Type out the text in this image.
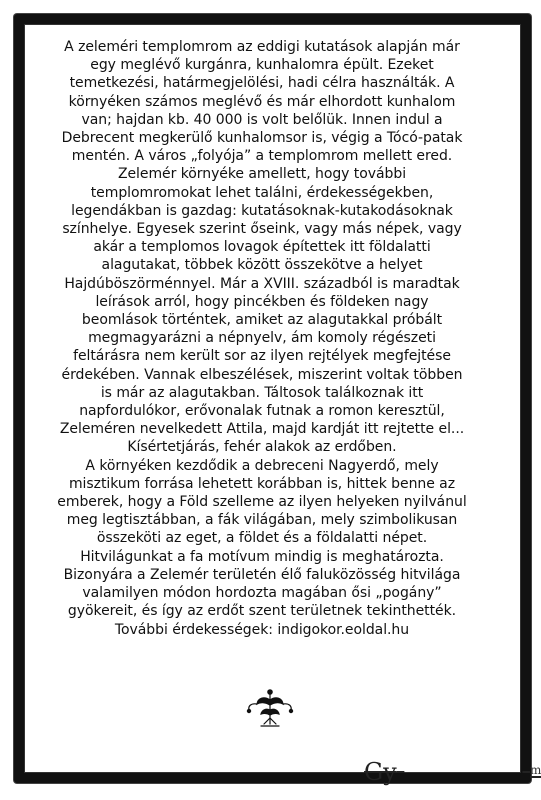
A zeleméri templomrom az eddigi kutatások alapján már
egy meglévő kurgánra, kunhalomra épült. Ezeket
temetkezési, határmegjelölési, hadi célra használták. A
környéken számos meglévő és már elhordott kunhalom
van; hajdan kb. 40 000 is volt belőlük. Innen indul a
Debrecent megkerülő kunhalomsor is, végig a Tócó-patak
mentén. A város „folyója” a templomrom mellett ered.
Zelemér környéke amellett, hogy további
templomromokat lehet találni, érdekességekben,
legendákban is gazdag: kutatásoknak-kutakodásoknak
színhelye. Egyesek szerint őseink, vagy más népek, vagy
akár a templomos lovagok építettek itt földalatti
alagutakat, többek között összekötve a helyet
Hajdúböszörménnyel. Már a XVIII. századból is maradtak
leírások arról, hogy pincékben és földeken nagy
beomlások történtek, amiket az alagutakkal próbált
megmagyarázni a népnyelv, ám komoly régészeti
feltárásra nem került sor az ilyen rejtélyek megfejtése
érdekében. Vannak elbeszélések, miszerint voltak többen
is már az alagutakban. Táltosok találkoznak itt
napfordulókor, erővonalak futnak a romon keresztül,
Zeleméren nevelkedett Attila, majd kardját itt rejtette el...
Kísértetjárás, fehér alakok az erdőben.
A környéken kezdődik a debreceni Nagyerdő, mely
misztikum forrása lehetett korábban is, hittek benne az
emberek, hogy a Föld szelleme az ilyen helyeken nyilvánul
meg legtisztábban, a fák világában, mely szimbolikusan
összeköti az eget, a földet és a földalatti népet.
Hitvilágunkat a fa motívum mindig is meghatározta.
Bizonyára a Zelemér területén élő faluközösség hitvilága
valamilyen módon hordozta magában ősi „pogány”
gyökereit, és így az erdőt szent területnek tekinthették.
További érdekességek: indigokor.eoldal.hu
Gy	$^m$
